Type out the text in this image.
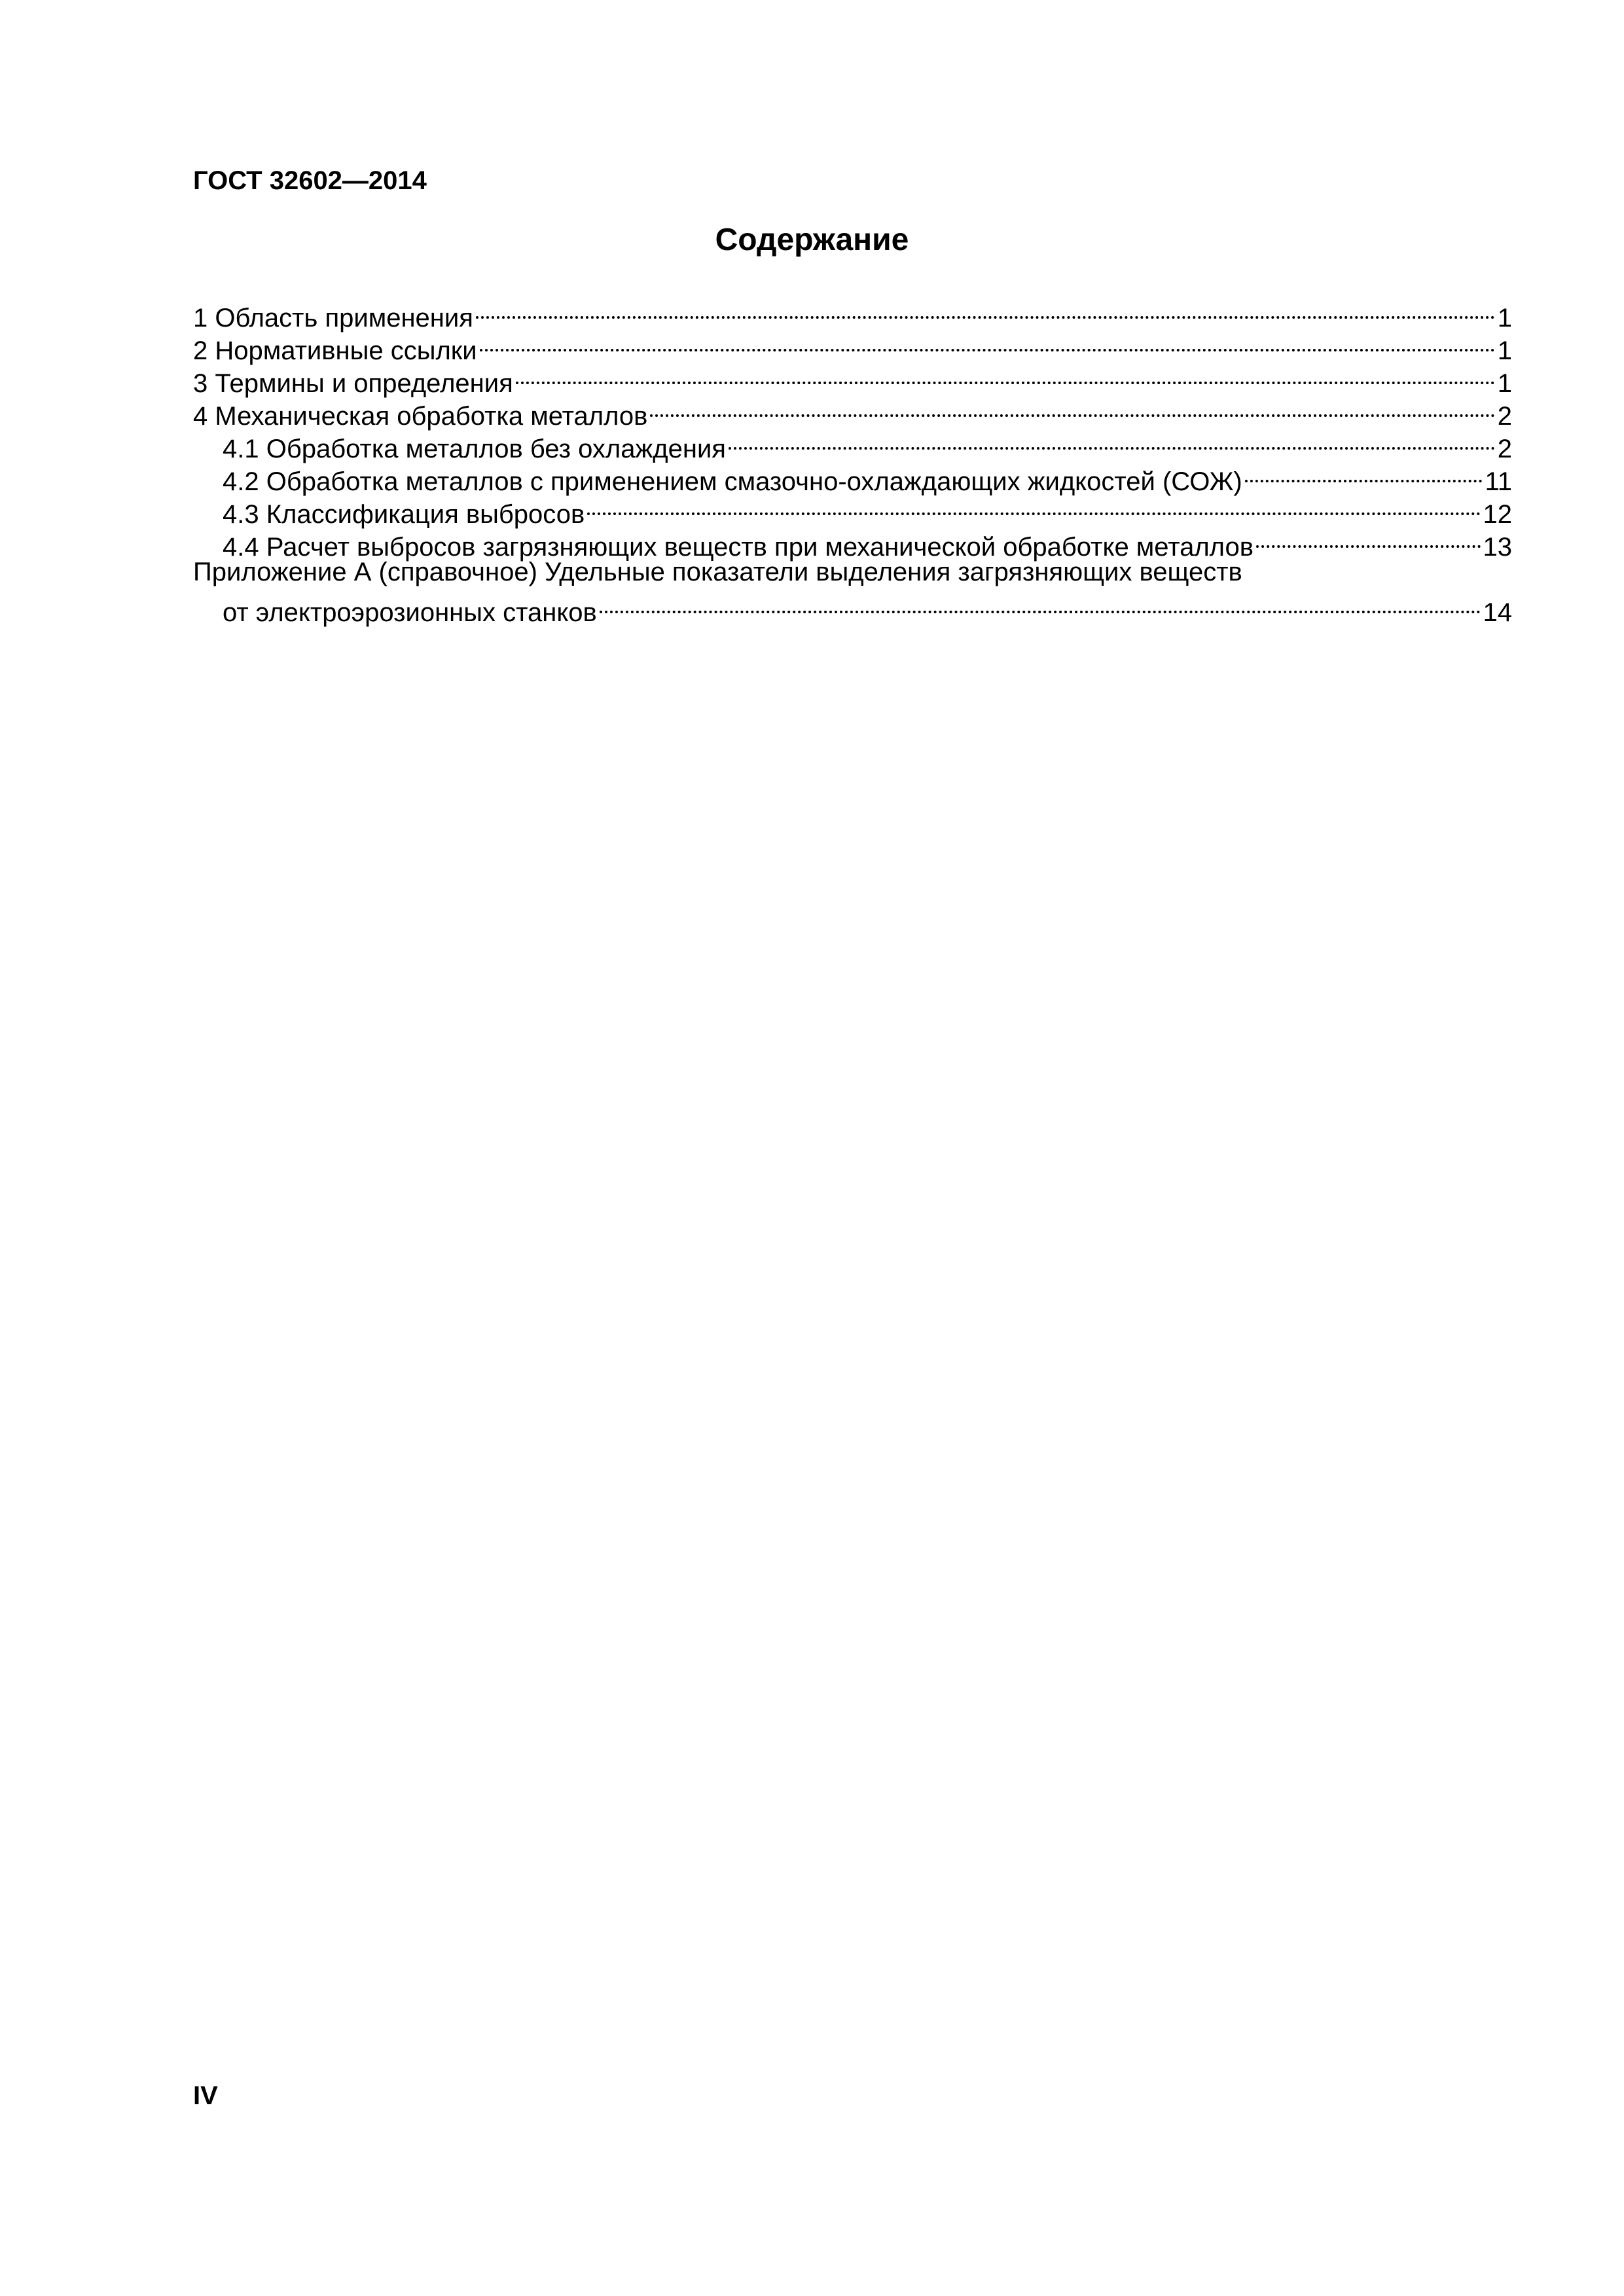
ГОСТ 32602—2014
Содержание
1 Область применения	1
2 Нормативные ссылки	1
3 Термины и определения	1
4 Механическая обработка металлов	2
4.1 Обработка металлов без охлаждения	2
4.2 Обработка металлов с применением смазочно-охлаждающих жидкостей (СОЖ)	11
4.3 Классификация выбросов	12
4.4 Расчет выбросов загрязняющих веществ при механической обработке металлов	13
Приложение А (справочное) Удельные показатели выделения загрязняющих веществ
от электроэрозионных станков	14
IV
